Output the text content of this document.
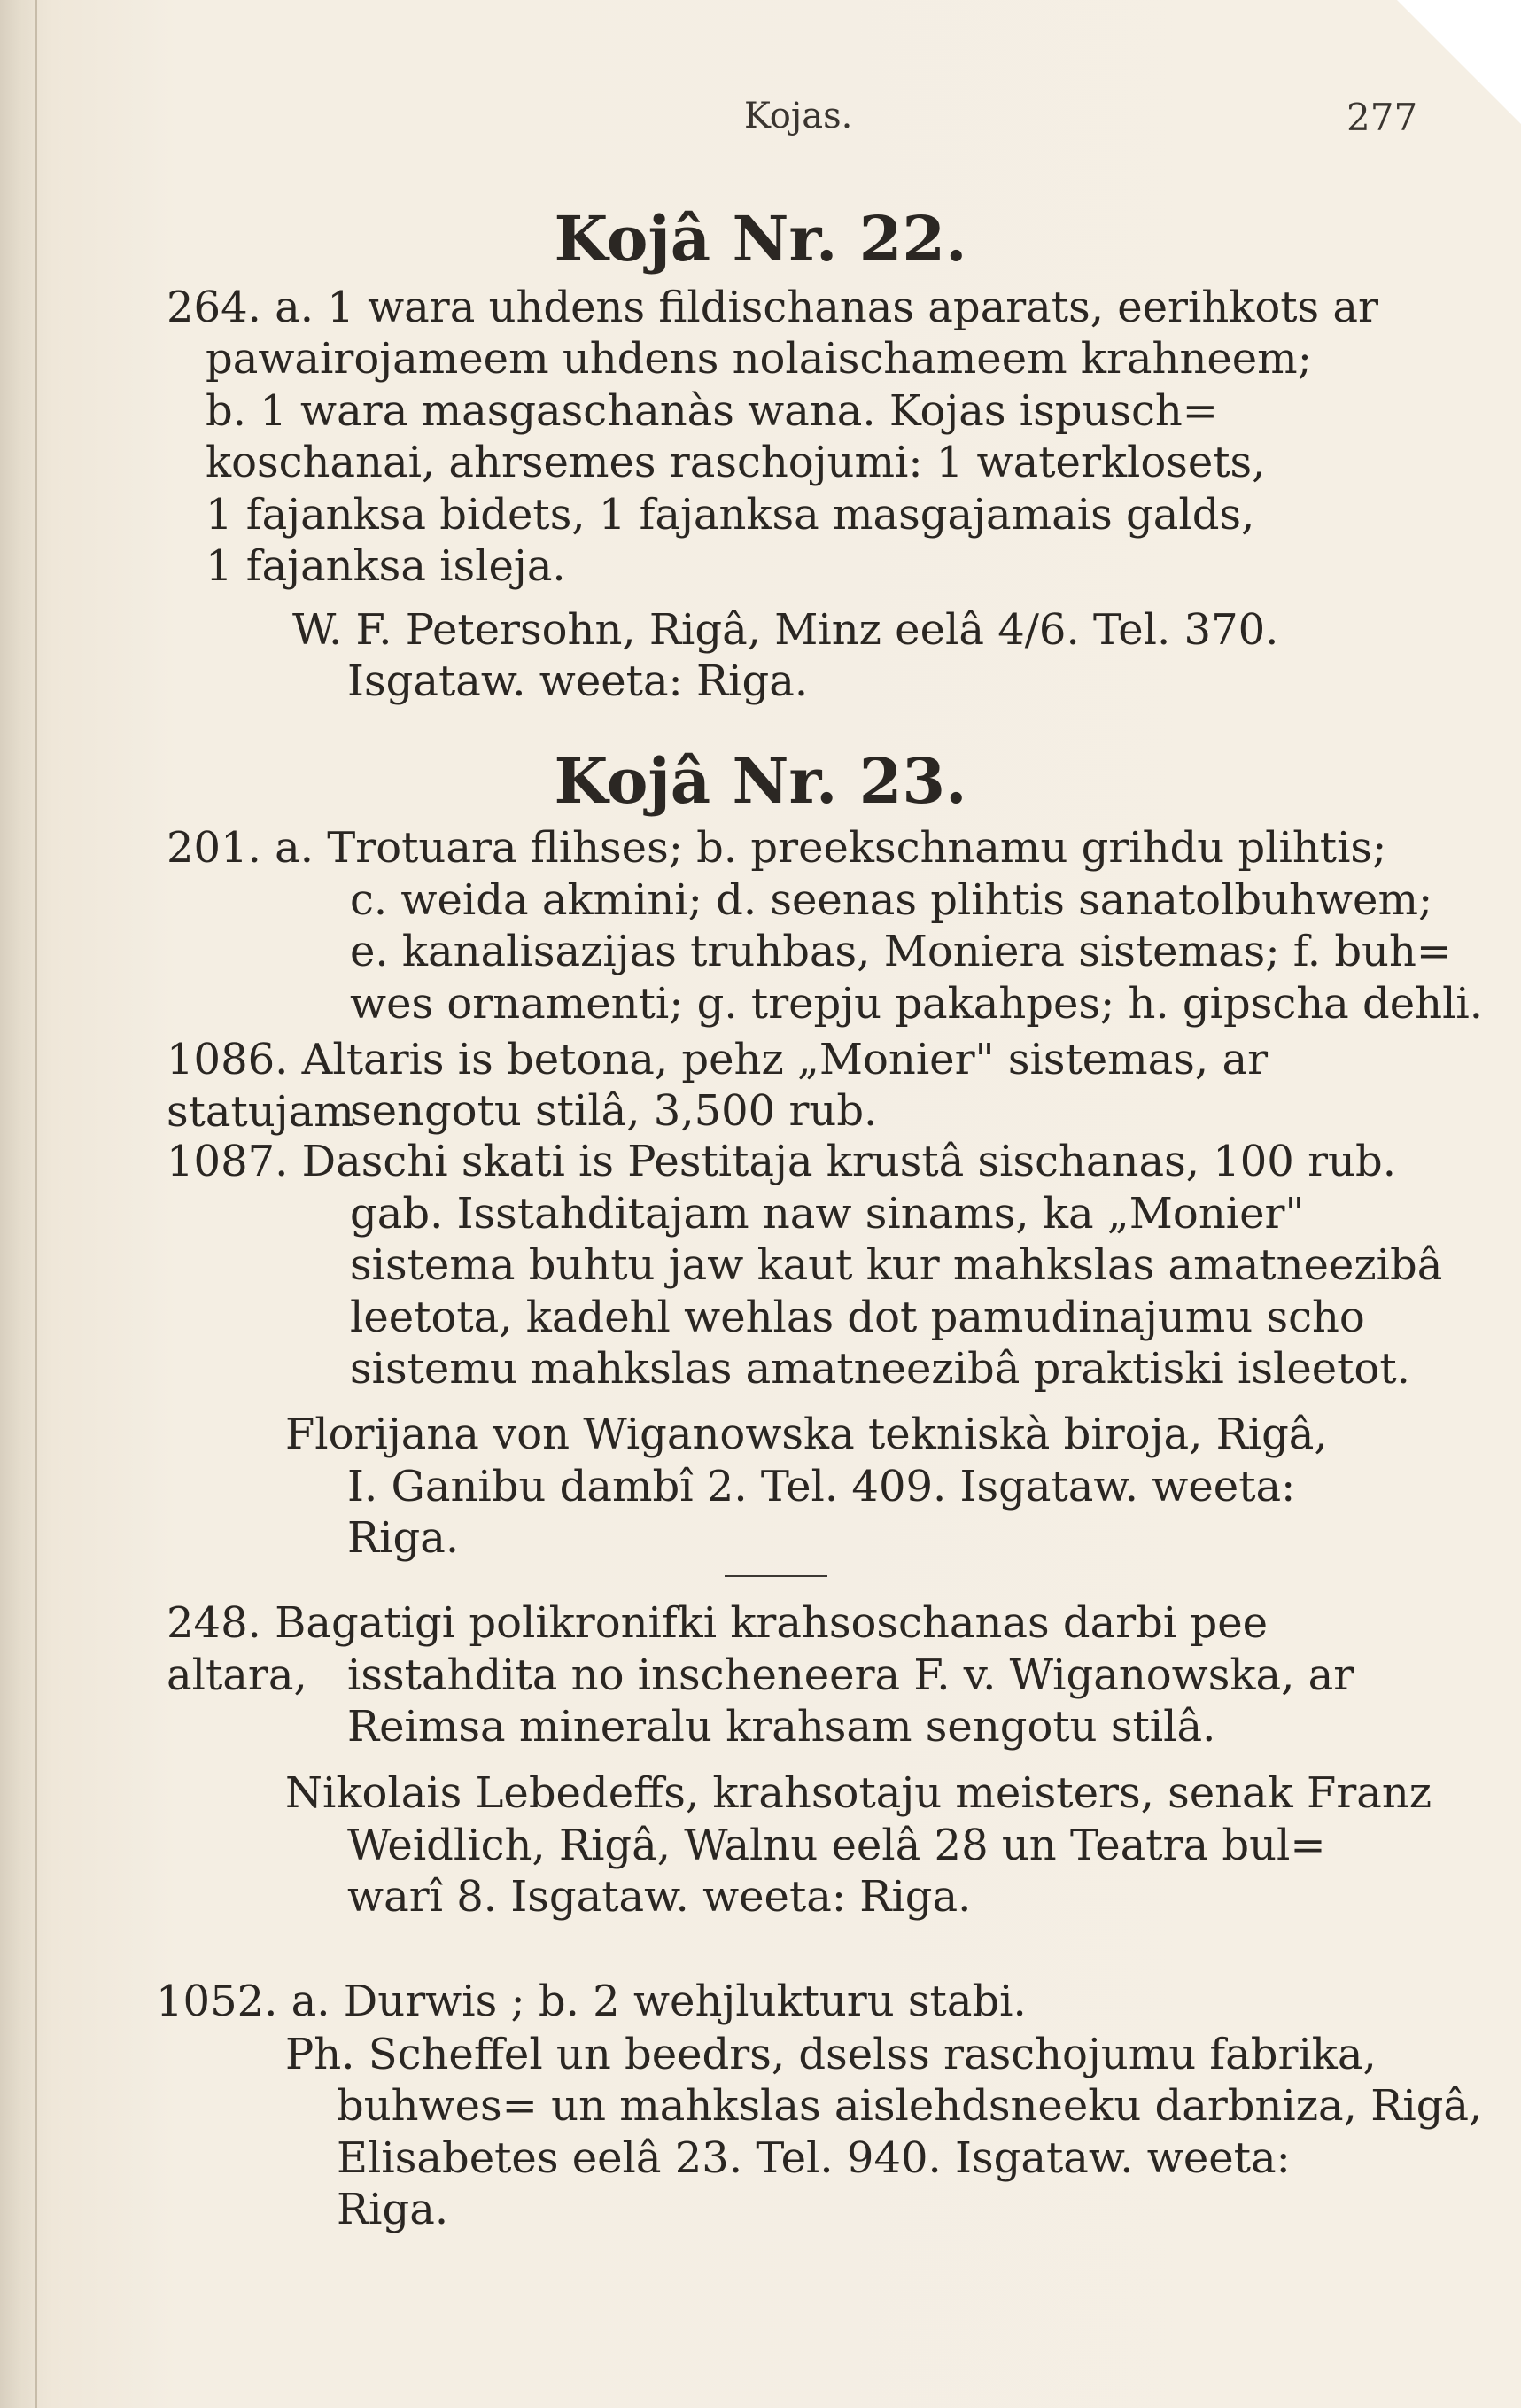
Kojas.	277
Kojâ Nr. 22.
264. a. 1 wara uhdens fildischanas aparats, eerihkots ar
pawairojameem uhdens nolaischameem krahneem;
b. 1 wara masgaschanàs wana. Kojas ispusch=
koschanai, ahrsemes raschojumi: 1 waterklosets,
1 fajanksa bidets, 1 fajanksa masgajamais galds,
1 fajanksa isleja.
W. F. Petersohn, Rigâ, Minz eelâ 4/6. Tel. 370.
Isgataw. weeta: Riga.
Kojâ Nr. 23.
201. a. Trotuara flihses; b. preekschnamu grihdu plihtis;
c. weida akmini; d. seenas plihtis sanatolbuhwem;
e. kanalisazijas truhbas, Moniera sistemas; f. buh=
wes ornamenti; g. trepju pakahpes; h. gipscha dehli.
1086. Altaris is betona, pehz „Monier" sistemas, ar statujam
sengotu stilâ, 3,500 rub.
1087. Daschi skati is Pestitaja krustâ sischanas, 100 rub.
gab. Isstahditajam naw sinams, ka „Monier"
sistema buhtu jaw kaut kur mahkslas amatneezibâ
leetota, kadehl wehlas dot pamudinajumu scho
sistemu mahkslas amatneezibâ praktiski isleetot.
Florijana von Wiganowska tekniskà biroja, Rigâ,
I. Ganibu dambî 2. Tel. 409. Isgataw. weeta:
Riga.
248. Bagatigi polikronifki krahsoschanas darbi pee altara, isstahdita no inscheneera F. v. Wiganowska, ar
Reimsa mineralu krahsam sengotu stilâ.
Nikolais Lebedeffs, krahsotaju meisters, senak Franz
Weidlich, Rigâ, Walnu eelâ 28 un Teatra bul=
warî 8. Isgataw. weeta: Riga.
1052. a. Durwis ; b. 2 wehjlukturu stabi.
Ph. Scheffel un beedrs, dselss raschojumu fabrika,
buhwes= un mahkslas aislehdsneeku darbniza, Rigâ,
Elisabetes eelâ 23. Tel. 940. Isgataw. weeta:
Riga.
